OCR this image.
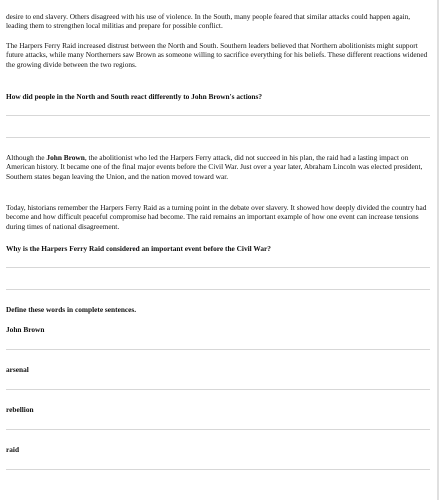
desire to end slavery. Others disagreed with his use of violence. In the South, many people feared that similar attacks could happen again, leading them to strengthen local militias and prepare for possible conflict.

The Harpers Ferry Raid increased distrust between the North and South. Southern leaders believed that Northern abolitionists might support future attacks, while many Northerners saw Brown as someone willing to sacrifice everything for his beliefs. These different reactions widened the growing divide between the two regions.

How did people in the North and South react differently to John Brown's actions?

Although the John Brown, the abolitionist who led the Harpers Ferry attack, did not succeed in his plan, the raid had a lasting impact on American history. It became one of the final major events before the Civil War. Just over a year later, Abraham Lincoln was elected president, Southern states began leaving the Union, and the nation moved toward war.

Today, historians remember the Harpers Ferry Raid as a turning point in the debate over slavery. It showed how deeply divided the country had become and how difficult peaceful compromise had become. The raid remains an important example of how one event can increase tensions during times of national disagreement.

Why is the Harpers Ferry Raid considered an important event before the Civil War?

Define these words in complete sentences.

John Brown

arsenal

rebellion

raid
